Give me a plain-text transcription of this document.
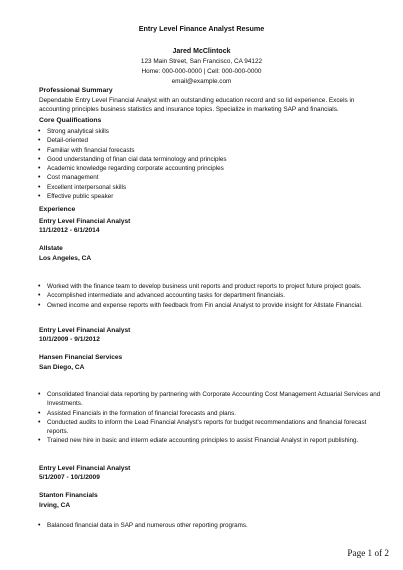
Entry Level Finance Analyst Resume
Jared McClintock
123 Main Street, San Francisco, CA 94122
Home: 000-000-0000 | Cell: 000-000-0000
email@example.com
Professional Summary
Dependable Entry Level Financial Analyst with an outstanding education record and so lid experience. Excels in accounting principles business statistics and insurance topics. Specialize in marketing SAP and financials.
Core Qualifications
• Strong analytical skills
• Detail-oriented
• Familiar with financial forecasts
• Good understanding of finan cial data terminology and principles
• Academic knowledge regarding corporate accounting principles
• Cost management
• Excellent interpersonal skills
• Effective public speaker
Experience
Entry Level Financial Analyst
11/1/2012 - 6/1/2014
Allstate
Los Angeles, CA
• Worked with the finance team to develop business unit reports and product reports to project future project goals.
• Accomplished intermediate and advanced accounting tasks for department financials.
• Owned income and expense reports with feedback from Fin ancial Analyst to provide insight for Allstate Financial.
Entry Level Financial Analyst
10/1/2009 - 9/1/2012
Hansen Financial Services
San Diego, CA
• Consolidated financial data reporting by partnering with Corporate Accounting Cost Management Actuarial Services and Investments.
• Assisted Financials in the formation of financial forecasts and plans.
• Conducted audits to inform the Lead Financial Analyst's reports for budget recommendations and financial forecast reports.
• Trained new hire in basic and interm ediate accounting principles to assist Financial Analyst in report publishing.
Entry Level Financial Analyst
5/1/2007 - 10/1/2009
Stanton Financials
Irving, CA
• Balanced financial data in SAP and numerous other reporting programs.
Page 1 of 2
